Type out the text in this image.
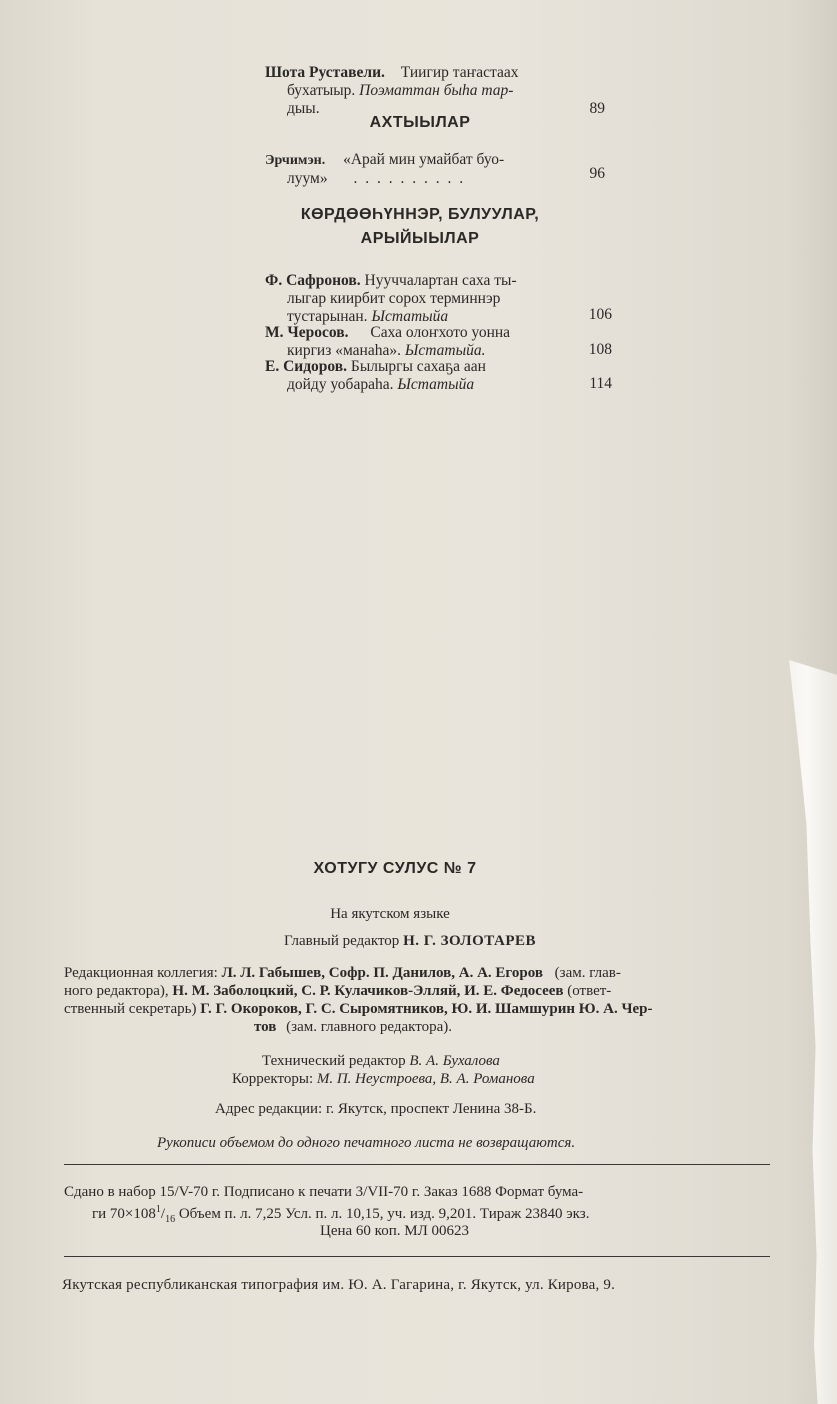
Шота Руставели. Тиигир таҥастаах
бухатыыр. Поэматтан быһа тар-
дыы.	89
АХТЫЫЛАР
Эрчимэн. «Арай мин умайбат буо-
луум» . . . . . . . . . .	96
КӨРДӨӨҺҮННЭР, БУЛУУЛАР,
АРЫЙЫЫЛАР
Ф. Сафронов. Нууччалартан саха ты-
лыгар киирбит сорох терминнэр
тустарынан. Ыстатыйа	106
М. Черосов. Саха олоҥхото уонна
киргиз «манаһа». Ыстатыйа.	108
Е. Сидоров. Былыргы сахаҕа аан
дойду уобараһа. Ыстатыйа	114
ХОТУГУ СУЛУС № 7
На якутском языке
Главный редактор Н. Г. ЗОЛОТАРЕВ
Редакционная коллегия: Л. Л. Габышев, Софр. П. Данилов, А. А. Егоров (зам. глав-
ного редактора), Н. М. Заболоцкий, С. Р. Кулачиков-Элляй, И. Е. Федосеев (ответ-
ственный секретарь) Г. Г. Окороков, Г. С. Сыромятников, Ю. И. Шамшурин Ю. А. Чер-
тов (зам. главного редактора).
Технический редактор В. А. Бухалова
Корректоры: М. П. Неустроева, В. А. Романова
Адрес редакции: г. Якутск, проспект Ленина 38-Б.
Рукописи объемом до одного печатного листа не возвращаются.
Сдано в набор 15/V-70 г. Подписано к печати 3/VII-70 г. Заказ 1688 Формат бума-
ги $70\times 108^1/_{16}$ Объем п. л. 7,25 Усл. п. л. 10,15, уч. изд. 9,201. Тираж 23840 экз.
Цена 60 коп. МЛ 00623
Якутская республиканская типография им. Ю. А. Гагарина, г. Якутск, ул. Кирова, 9.
